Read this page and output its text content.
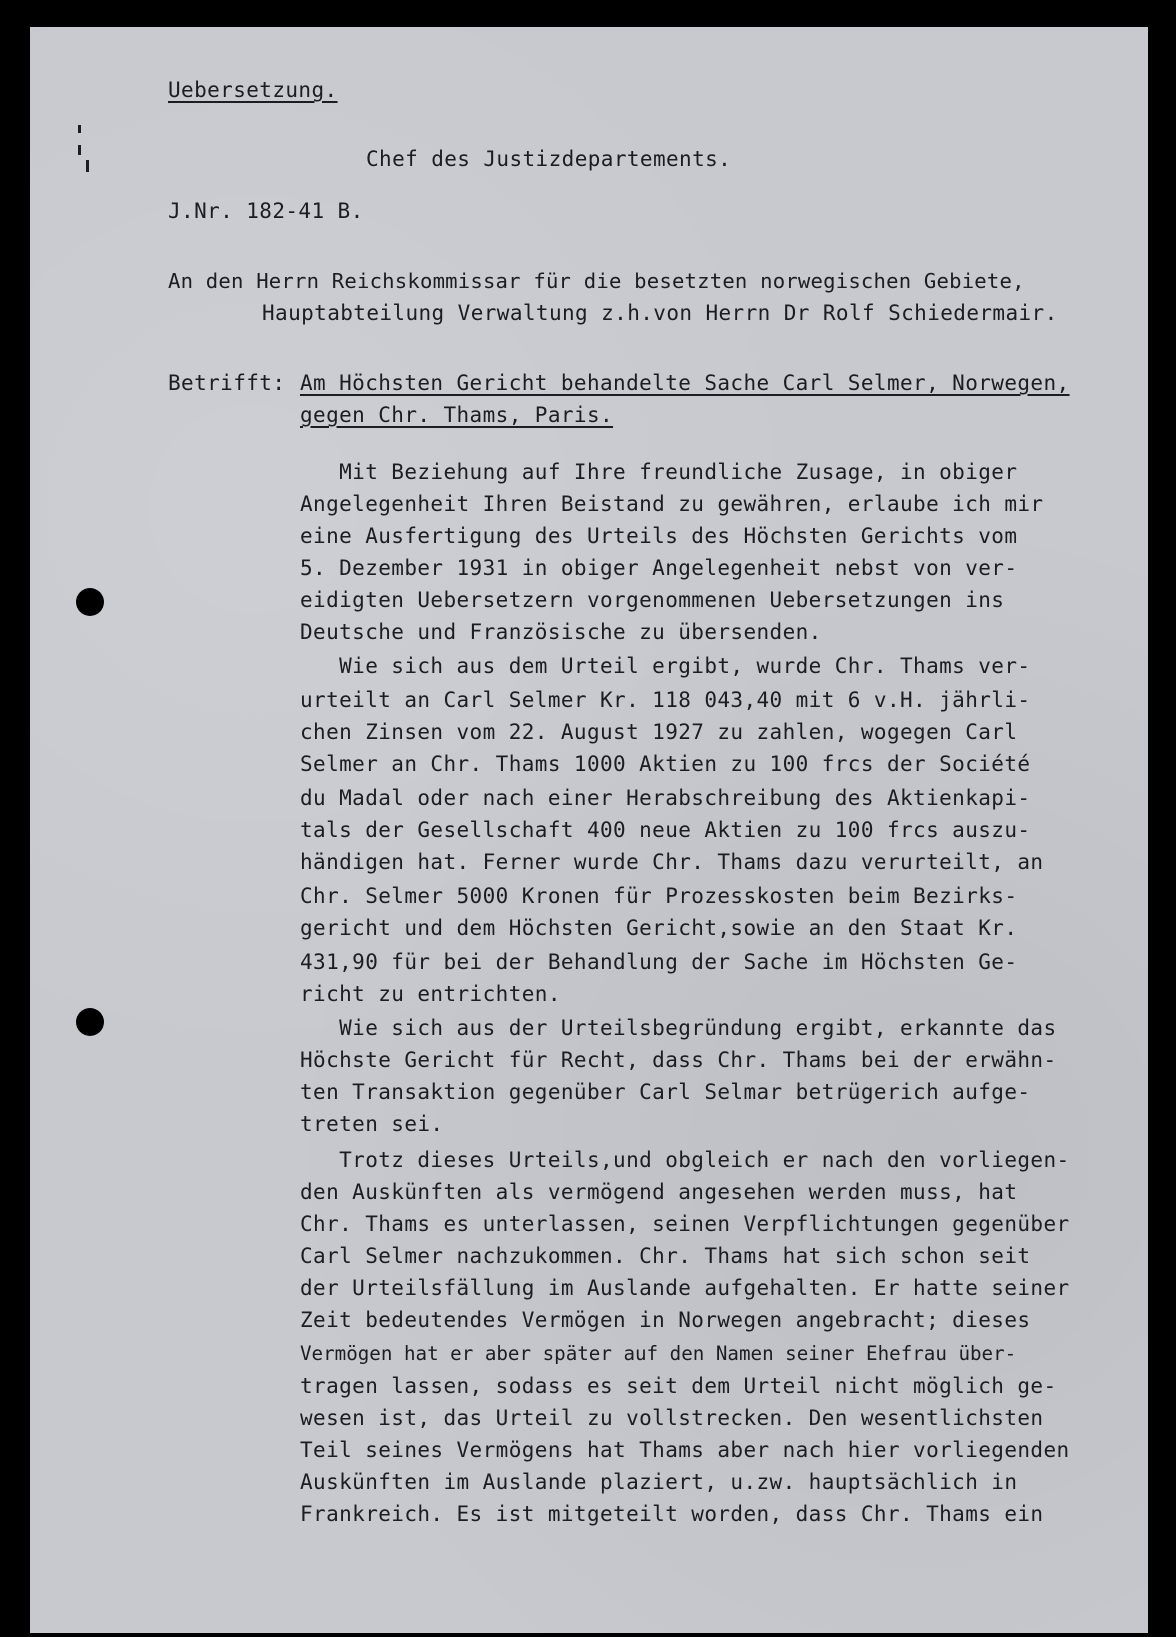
Uebersetzung.
Chef des Justizdepartements.
J.Nr. 182-41 B.
An den Herrn Reichskommissar für die besetzten norwegischen Gebiete,
Hauptabteilung Verwaltung z.h.von Herrn Dr Rolf Schiedermair.
Betrifft: Am Höchsten Gericht behandelte Sache Carl Selmer, Norwegen,
gegen Chr. Thams, Paris.
Mit Beziehung auf Ihre freundliche Zusage, in obiger
Angelegenheit Ihren Beistand zu gewähren, erlaube ich mir
eine Ausfertigung des Urteils des Höchsten Gerichts vom
5. Dezember 1931 in obiger Angelegenheit nebst von ver-
eidigten Uebersetzern vorgenommenen Uebersetzungen ins
Deutsche und Französische zu übersenden.
Wie sich aus dem Urteil ergibt, wurde Chr. Thams ver-
urteilt an Carl Selmer Kr. 118 043,40 mit 6 v.H. jährli-
chen Zinsen vom 22. August 1927 zu zahlen, wogegen Carl
Selmer an Chr. Thams 1000 Aktien zu 100 frcs der Société
du Madal oder nach einer Herabschreibung des Aktienkapi-
tals der Gesellschaft 400 neue Aktien zu 100 frcs auszu-
händigen hat. Ferner wurde Chr. Thams dazu verurteilt, an
Chr. Selmer 5000 Kronen für Prozesskosten beim Bezirks-
gericht und dem Höchsten Gericht,sowie an den Staat Kr.
431,90 für bei der Behandlung der Sache im Höchsten Ge-
richt zu entrichten.
Wie sich aus der Urteilsbegründung ergibt, erkannte das
Höchste Gericht für Recht, dass Chr. Thams bei der erwähn-
ten Transaktion gegenüber Carl Selmar betrügerich aufge-
treten sei.
Trotz dieses Urteils,und obgleich er nach den vorliegen-
den Auskünften als vermögend angesehen werden muss, hat
Chr. Thams es unterlassen, seinen Verpflichtungen gegenüber
Carl Selmer nachzukommen. Chr. Thams hat sich schon seit
der Urteilsfällung im Auslande aufgehalten. Er hatte seiner
Zeit bedeutendes Vermögen in Norwegen angebracht; dieses
Vermögen hat er aber später auf den Namen seiner Ehefrau über-
tragen lassen, sodass es seit dem Urteil nicht möglich ge-
wesen ist, das Urteil zu vollstrecken. Den wesentlichsten
Teil seines Vermögens hat Thams aber nach hier vorliegenden
Auskünften im Auslande plaziert, u.zw. hauptsächlich in
Frankreich. Es ist mitgeteilt worden, dass Chr. Thams ein
